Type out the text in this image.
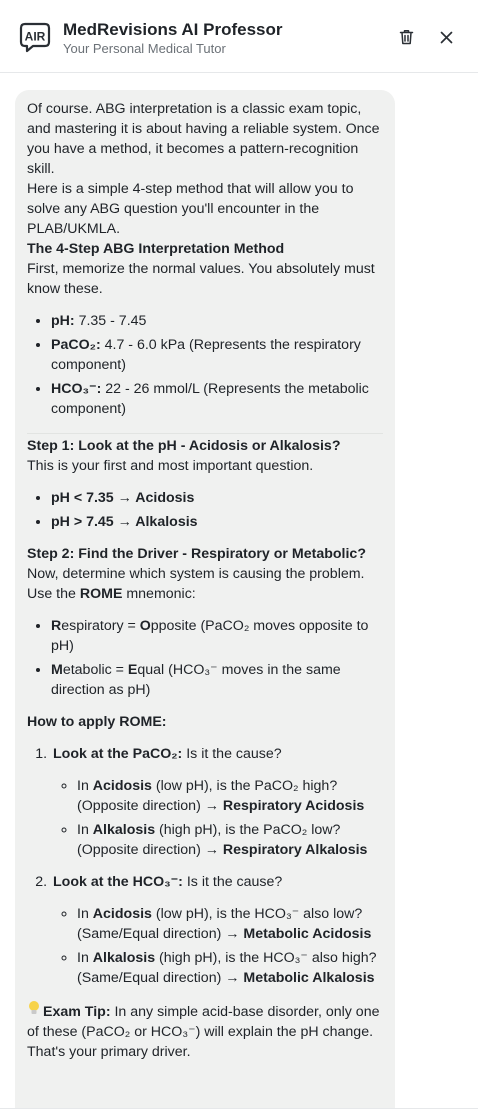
AIR MedRevisions AI Professor
Your Personal Medical Tutor

Of course. ABG interpretation is a classic exam topic, and mastering it is about having a reliable system. Once you have a method, it becomes a pattern-recognition skill.

Here is a simple 4-step method that will allow you to solve any ABG question you'll encounter in the PLAB/UKMLA.

The 4-Step ABG Interpretation Method

First, memorize the normal values. You absolutely must know these.

• pH: 7.35 - 7.45
• PaCO₂: 4.7 - 6.0 kPa (Represents the respiratory component)
• HCO₃⁻: 22 - 26 mmol/L (Represents the metabolic component)

Step 1: Look at the pH - Acidosis or Alkalosis?

This is your first and most important question.

• pH < 7.35 → Acidosis
• pH > 7.45 → Alkalosis

Step 2: Find the Driver - Respiratory or Metabolic?

Now, determine which system is causing the problem. Use the ROME mnemonic:

• Respiratory = Opposite (PaCO₂ moves opposite to pH)
• Metabolic = Equal (HCO₃⁻ moves in the same direction as pH)

How to apply ROME:

1. Look at the PaCO₂: Is it the cause?
◦ In Acidosis (low pH), is the PaCO₂ high? (Opposite direction) → Respiratory Acidosis
◦ In Alkalosis (high pH), is the PaCO₂ low? (Opposite direction) → Respiratory Alkalosis
2. Look at the HCO₃⁻: Is it the cause?
◦ In Acidosis (low pH), is the HCO₃⁻ also low? (Same/Equal direction) → Metabolic Acidosis
◦ In Alkalosis (high pH), is the HCO₃⁻ also high? (Same/Equal direction) → Metabolic Alkalosis

Exam Tip: In any simple acid-base disorder, only one of these (PaCO₂ or HCO₃⁻) will explain the pH change. That's your primary driver.
